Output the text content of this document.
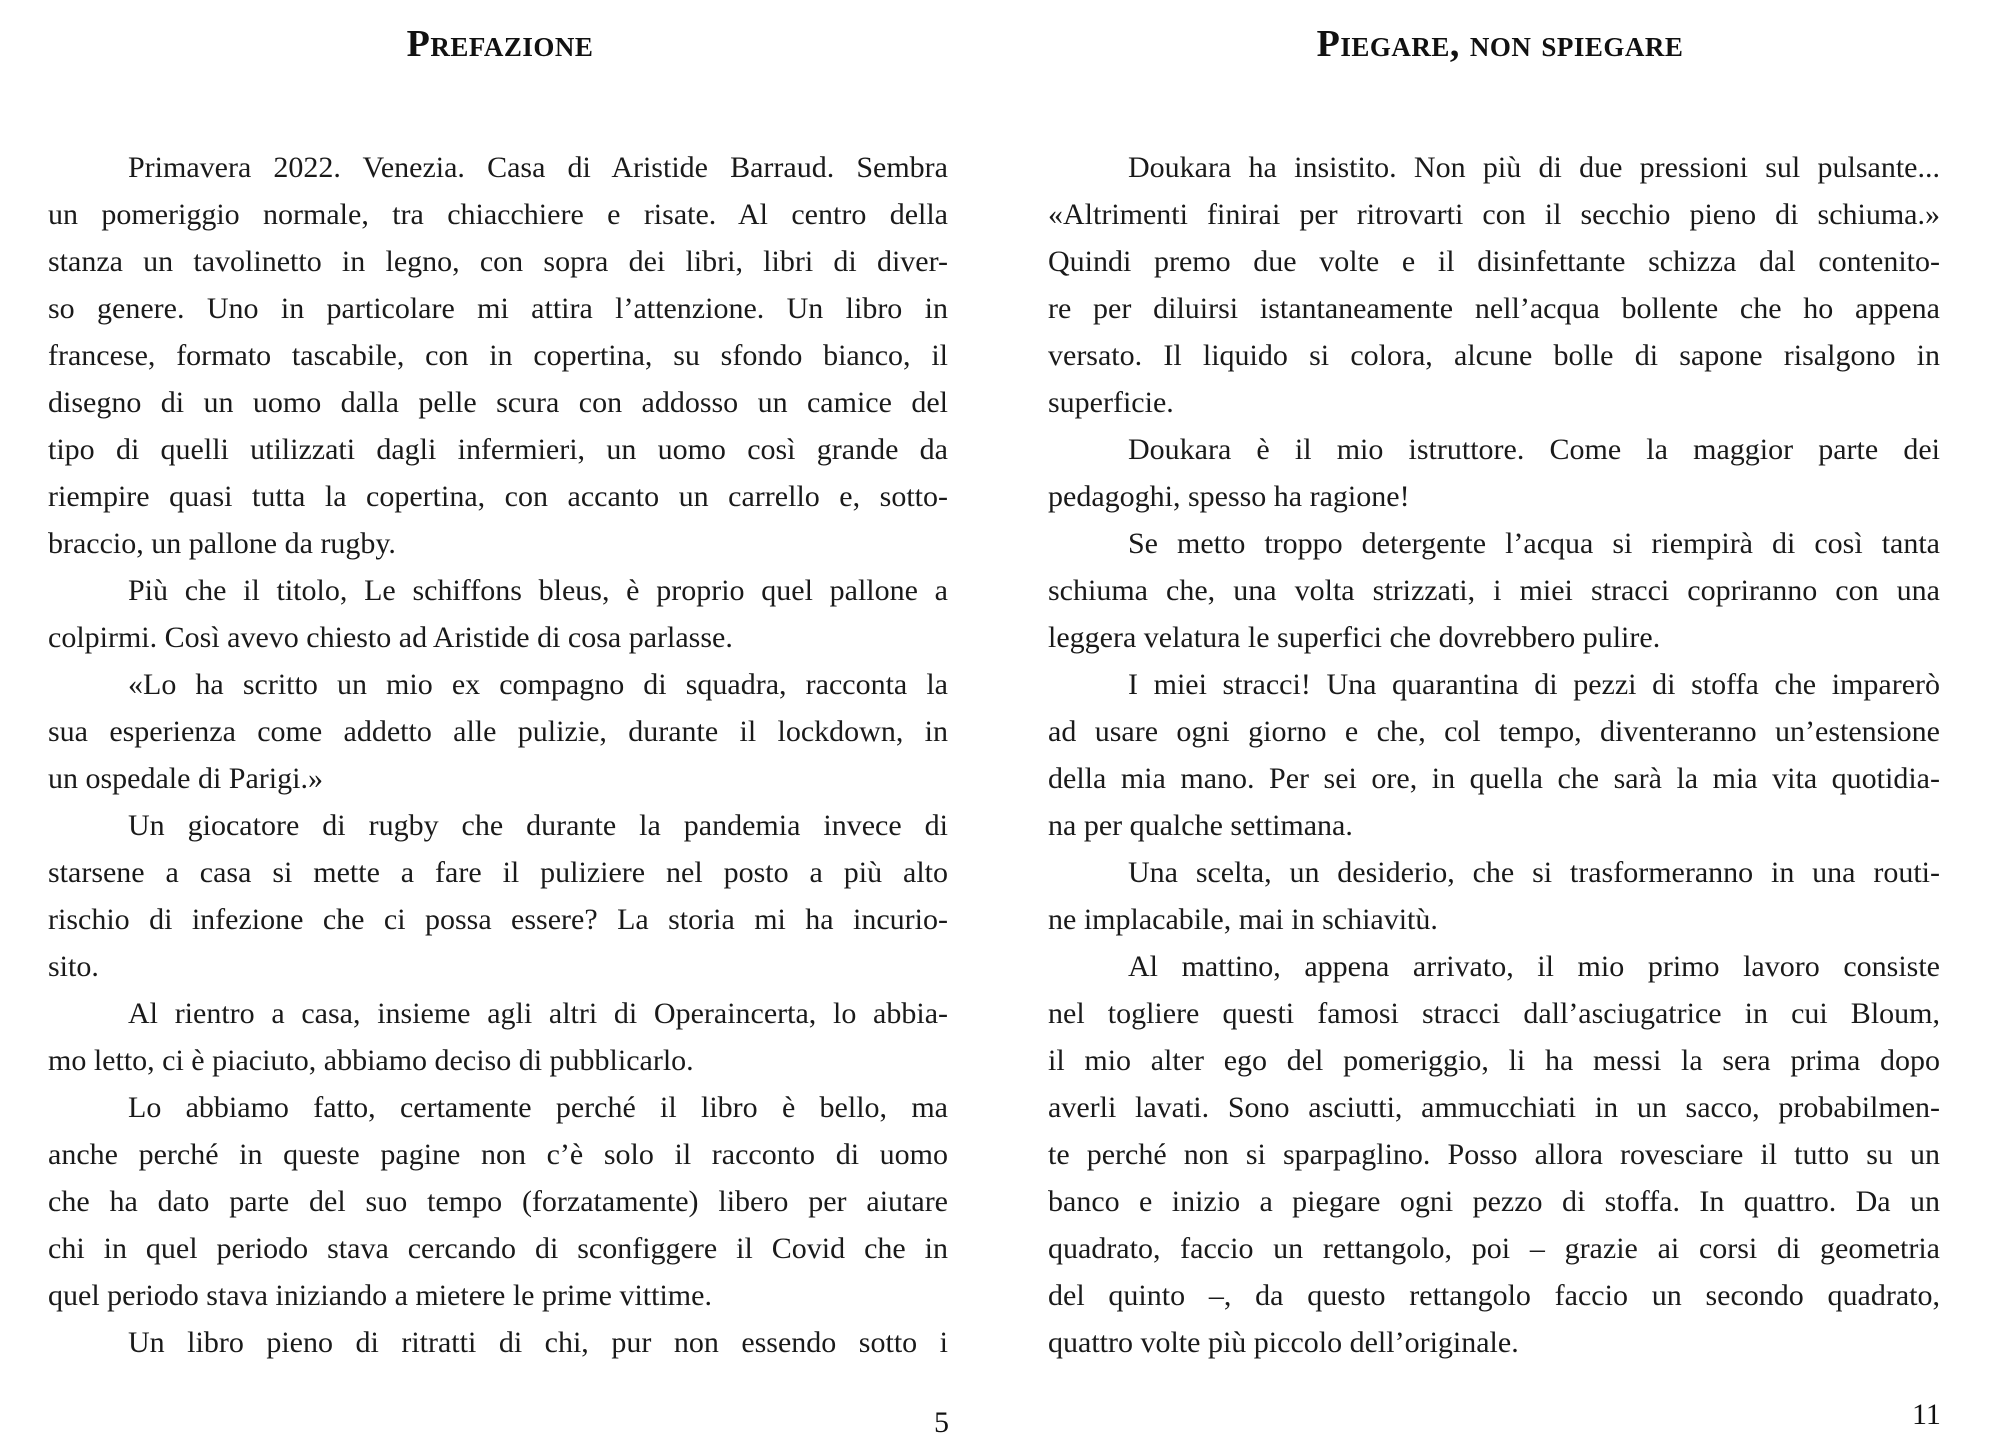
Prefazione
Primavera 2022. Venezia. Casa di Aristide Barraud. Sembra
un pomeriggio normale, tra chiacchiere e risate. Al centro della
stanza un tavolinetto in legno, con sopra dei libri, libri di diver-
so genere. Uno in particolare mi attira l’attenzione. Un libro in
francese, formato tascabile, con in copertina, su sfondo bianco, il
disegno di un uomo dalla pelle scura con addosso un camice del
tipo di quelli utilizzati dagli infermieri, un uomo così grande da
riempire quasi tutta la copertina, con accanto un carrello e, sotto-
braccio, un pallone da rugby.
Più che il titolo, Le schiffons bleus, è proprio quel pallone a
colpirmi. Così avevo chiesto ad Aristide di cosa parlasse.
«Lo ha scritto un mio ex compagno di squadra, racconta la
sua esperienza come addetto alle pulizie, durante il lockdown, in
un ospedale di Parigi.»
Un giocatore di rugby che durante la pandemia invece di
starsene a casa si mette a fare il puliziere nel posto a più alto
rischio di infezione che ci possa essere? La storia mi ha incurio-
sito.
Al rientro a casa, insieme agli altri di Operaincerta, lo abbia-
mo letto, ci è piaciuto, abbiamo deciso di pubblicarlo.
Lo abbiamo fatto, certamente perché il libro è bello, ma
anche perché in queste pagine non c’è solo il racconto di uomo
che ha dato parte del suo tempo (forzatamente) libero per aiutare
chi in quel periodo stava cercando di sconfiggere il Covid che in
quel periodo stava iniziando a mietere le prime vittime.
Un libro pieno di ritratti di chi, pur non essendo sotto i
5
Piegare, non spiegare
Doukara ha insistito. Non più di due pressioni sul pulsante...
«Altrimenti finirai per ritrovarti con il secchio pieno di schiuma.»
Quindi premo due volte e il disinfettante schizza dal contenito-
re per diluirsi istantaneamente nell’acqua bollente che ho appena
versato. Il liquido si colora, alcune bolle di sapone risalgono in
superficie.
Doukara è il mio istruttore. Come la maggior parte dei
pedagoghi, spesso ha ragione!
Se metto troppo detergente l’acqua si riempirà di così tanta
schiuma che, una volta strizzati, i miei stracci copriranno con una
leggera velatura le superfici che dovrebbero pulire.
I miei stracci! Una quarantina di pezzi di stoffa che imparerò
ad usare ogni giorno e che, col tempo, diventeranno un’estensione
della mia mano. Per sei ore, in quella che sarà la mia vita quotidia-
na per qualche settimana.
Una scelta, un desiderio, che si trasformeranno in una routi-
ne implacabile, mai in schiavitù.
Al mattino, appena arrivato, il mio primo lavoro consiste
nel togliere questi famosi stracci dall’asciugatrice in cui Bloum,
il mio alter ego del pomeriggio, li ha messi la sera prima dopo
averli lavati. Sono asciutti, ammucchiati in un sacco, probabilmen-
te perché non si sparpaglino. Posso allora rovesciare il tutto su un
banco e inizio a piegare ogni pezzo di stoffa. In quattro. Da un
quadrato, faccio un rettangolo, poi – grazie ai corsi di geometria
del quinto –, da questo rettangolo faccio un secondo quadrato,
quattro volte più piccolo dell’originale.
11
